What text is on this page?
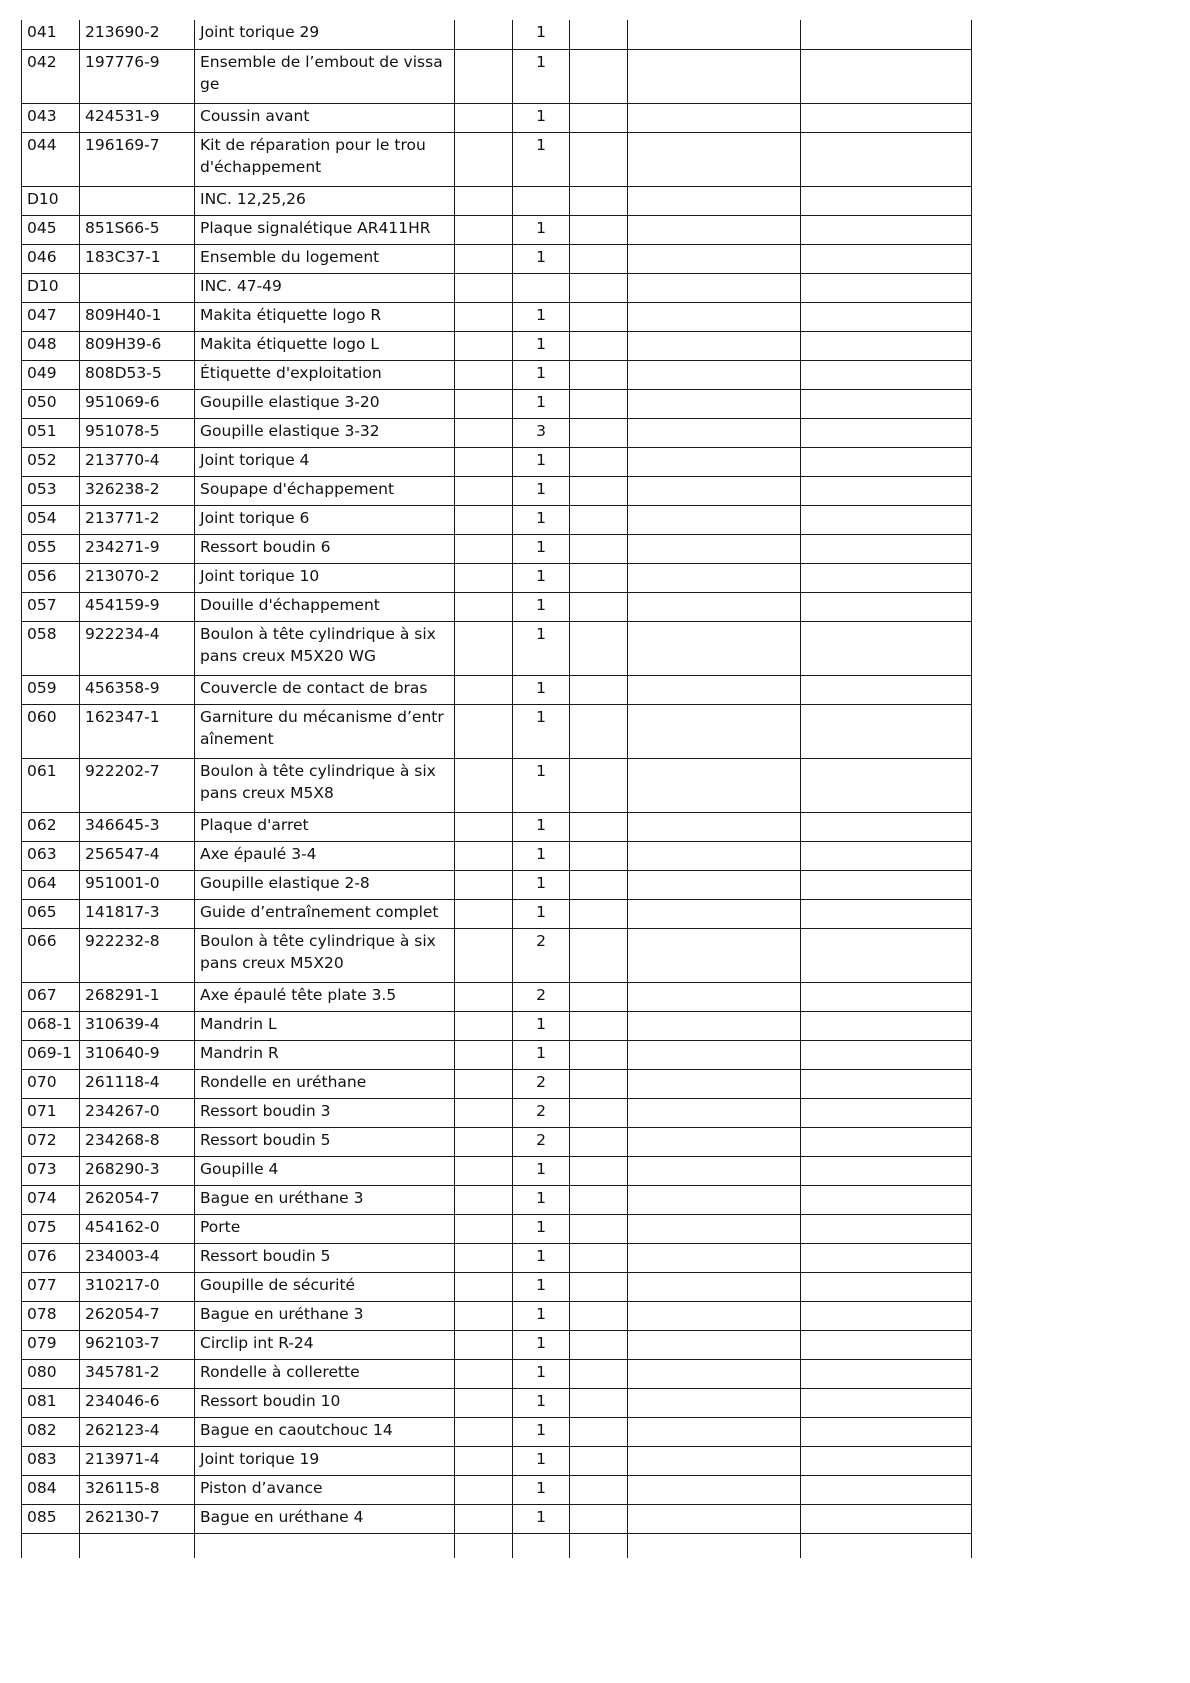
041	213690-2	Joint torique 29		1			
042	197776-9	Ensemble de l’embout de vissage		1			
043	424531-9	Coussin avant		1			
044	196169-7	Kit de réparation pour le trou d'échappement		1			
D10		INC. 12,25,26					
045	851S66-5	Plaque signalétique AR411HR		1			
046	183C37-1	Ensemble du logement		1			
D10		INC. 47-49					
047	809H40-1	Makita étiquette logo R		1			
048	809H39-6	Makita étiquette logo L		1			
049	808D53-5	Étiquette d'exploitation		1			
050	951069-6	Goupille elastique 3-20		1			
051	951078-5	Goupille elastique 3-32		3			
052	213770-4	Joint torique 4		1			
053	326238-2	Soupape d'échappement		1			
054	213771-2	Joint torique 6		1			
055	234271-9	Ressort boudin 6		1			
056	213070-2	Joint torique 10		1			
057	454159-9	Douille d'échappement		1			
058	922234-4	Boulon à tête cylindrique à six pans creux M5X20 WG		1			
059	456358-9	Couvercle de contact de bras		1			
060	162347-1	Garniture du mécanisme d’entraînement		1			
061	922202-7	Boulon à tête cylindrique à six pans creux M5X8		1			
062	346645-3	Plaque d'arret		1			
063	256547-4	Axe épaulé 3-4		1			
064	951001-0	Goupille elastique 2-8		1			
065	141817-3	Guide d’entraînement complet		1			
066	922232-8	Boulon à tête cylindrique à six pans creux M5X20		2			
067	268291-1	Axe épaulé tête plate 3.5		2			
068-1	310639-4	Mandrin L		1			
069-1	310640-9	Mandrin R		1			
070	261118-4	Rondelle en uréthane		2			
071	234267-0	Ressort boudin 3		2			
072	234268-8	Ressort boudin 5		2			
073	268290-3	Goupille 4		1			
074	262054-7	Bague en uréthane 3		1			
075	454162-0	Porte		1			
076	234003-4	Ressort boudin 5		1			
077	310217-0	Goupille de sécurité		1			
078	262054-7	Bague en uréthane 3		1			
079	962103-7	Circlip int R-24		1			
080	345781-2	Rondelle à collerette		1			
081	234046-6	Ressort boudin 10		1			
082	262123-4	Bague en caoutchouc 14		1			
083	213971-4	Joint torique 19		1			
084	326115-8	Piston d’avance		1			
085	262130-7	Bague en uréthane 4		1			
